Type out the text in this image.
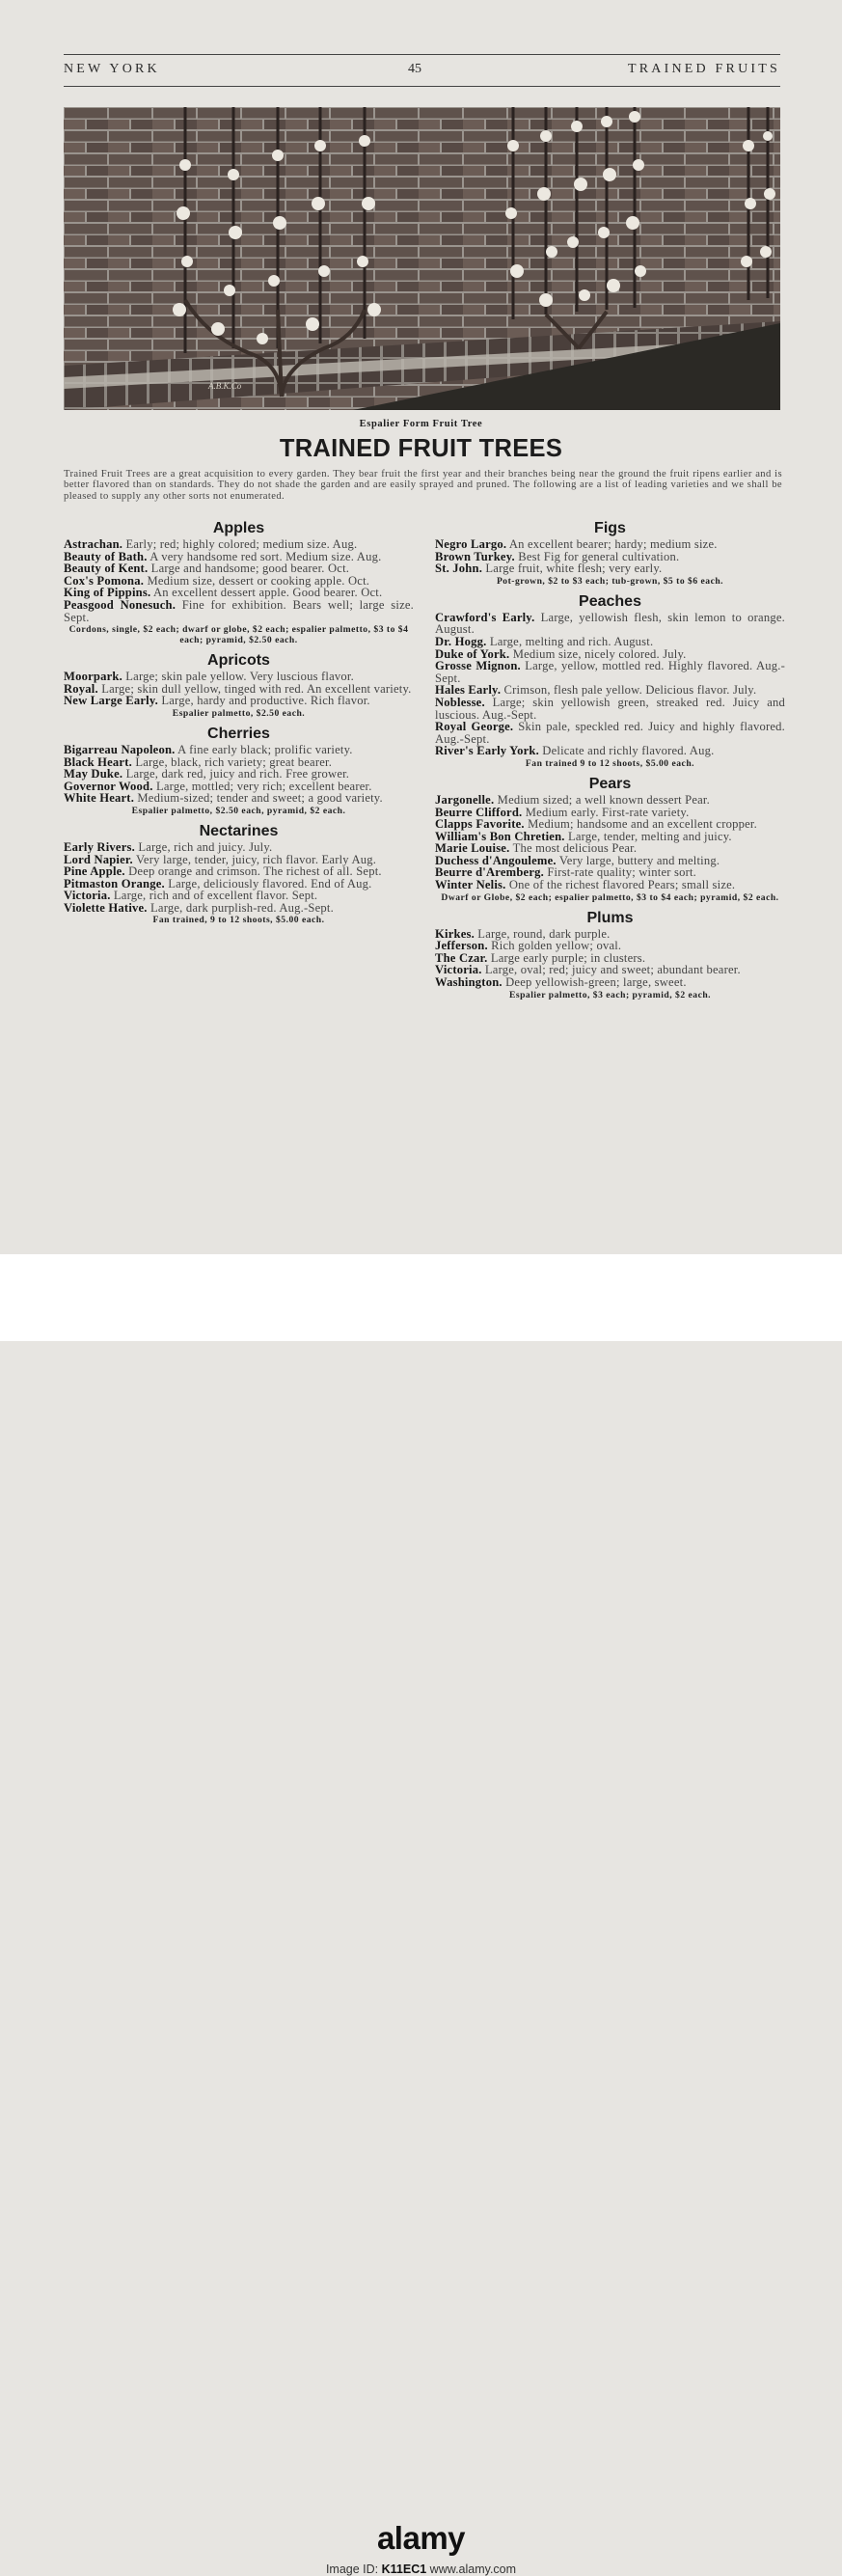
NEW YORK	45	TRAINED FRUITS
A.B.K.Co
Espalier Form Fruit Tree
TRAINED FRUIT TREES
Trained Fruit Trees are a great acquisition to every garden. They bear fruit the first year and their branches being near the ground the fruit ripens earlier and is better flavored than on standards. They do not shade the garden and are easily sprayed and pruned. The following are a list of leading varieties and we shall be pleased to supply any other sorts not enumerated.
Apples
Astrachan. Early; red; highly colored; medium size. Aug.
Beauty of Bath. A very handsome red sort. Medium size. Aug.
Beauty of Kent. Large and handsome; good bearer. Oct.
Cox's Pomona. Medium size, dessert or cooking apple. Oct.
King of Pippins. An excellent dessert apple. Good bearer. Oct.
Peasgood Nonesuch. Fine for exhibition. Bears well; large size. Sept.
Cordons, single, $2 each; dwarf or globe, $2 each; espalier palmetto, $3 to $4 each; pyramid, $2.50 each.
Apricots
Moorpark. Large; skin pale yellow. Very luscious flavor.
Royal. Large; skin dull yellow, tinged with red. An excellent variety.
New Large Early. Large, hardy and productive. Rich flavor.
Espalier palmetto, $2.50 each.
Cherries
Bigarreau Napoleon. A fine early black; prolific variety.
Black Heart. Large, black, rich variety; great bearer.
May Duke. Large, dark red, juicy and rich. Free grower.
Governor Wood. Large, mottled; very rich; excellent bearer.
White Heart. Medium-sized; tender and sweet; a good variety.
Espalier palmetto, $2.50 each, pyramid, $2 each.
Nectarines
Early Rivers. Large, rich and juicy. July.
Lord Napier. Very large, tender, juicy, rich flavor. Early Aug.
Pine Apple. Deep orange and crimson. The richest of all. Sept.
Pitmaston Orange. Large, deliciously flavored. End of Aug.
Victoria. Large, rich and of excellent flavor. Sept.
Violette Hative. Large, dark purplish-red. Aug.-Sept.
Fan trained, 9 to 12 shoots, $5.00 each.
Figs
Negro Largo. An excellent bearer; hardy; medium size.
Brown Turkey. Best Fig for general cultivation.
St. John. Large fruit, white flesh; very early.
Pot-grown, $2 to $3 each; tub-grown, $5 to $6 each.
Peaches
Crawford's Early. Large, yellowish flesh, skin lemon to orange. August.
Dr. Hogg. Large, melting and rich. August.
Duke of York. Medium size, nicely colored. July.
Grosse Mignon. Large, yellow, mottled red. Highly flavored. Aug.-Sept.
Hales Early. Crimson, flesh pale yellow. Delicious flavor. July.
Noblesse. Large; skin yellowish green, streaked red. Juicy and luscious. Aug.-Sept.
Royal George. Skin pale, speckled red. Juicy and highly flavored. Aug.-Sept.
River's Early York. Delicate and richly flavored. Aug.
Fan trained 9 to 12 shoots, $5.00 each.
Pears
Jargonelle. Medium sized; a well known dessert Pear.
Beurre Clifford. Medium early. First-rate variety.
Clapps Favorite. Medium; handsome and an excellent cropper.
William's Bon Chretien. Large, tender, melting and juicy.
Marie Louise. The most delicious Pear.
Duchess d'Angouleme. Very large, buttery and melting.
Beurre d'Aremberg. First-rate quality; winter sort.
Winter Nelis. One of the richest flavored Pears; small size.
Dwarf or Globe, $2 each; espalier palmetto, $3 to $4 each; pyramid, $2 each.
Plums
Kirkes. Large, round, dark purple.
Jefferson. Rich golden yellow; oval.
The Czar. Large early purple; in clusters.
Victoria. Large, oval; red; juicy and sweet; abundant bearer.
Washington. Deep yellowish-green; large, sweet.
Espalier palmetto, $3 each; pyramid, $2 each.
alamy
Image ID: K11EC1 www.alamy.com
